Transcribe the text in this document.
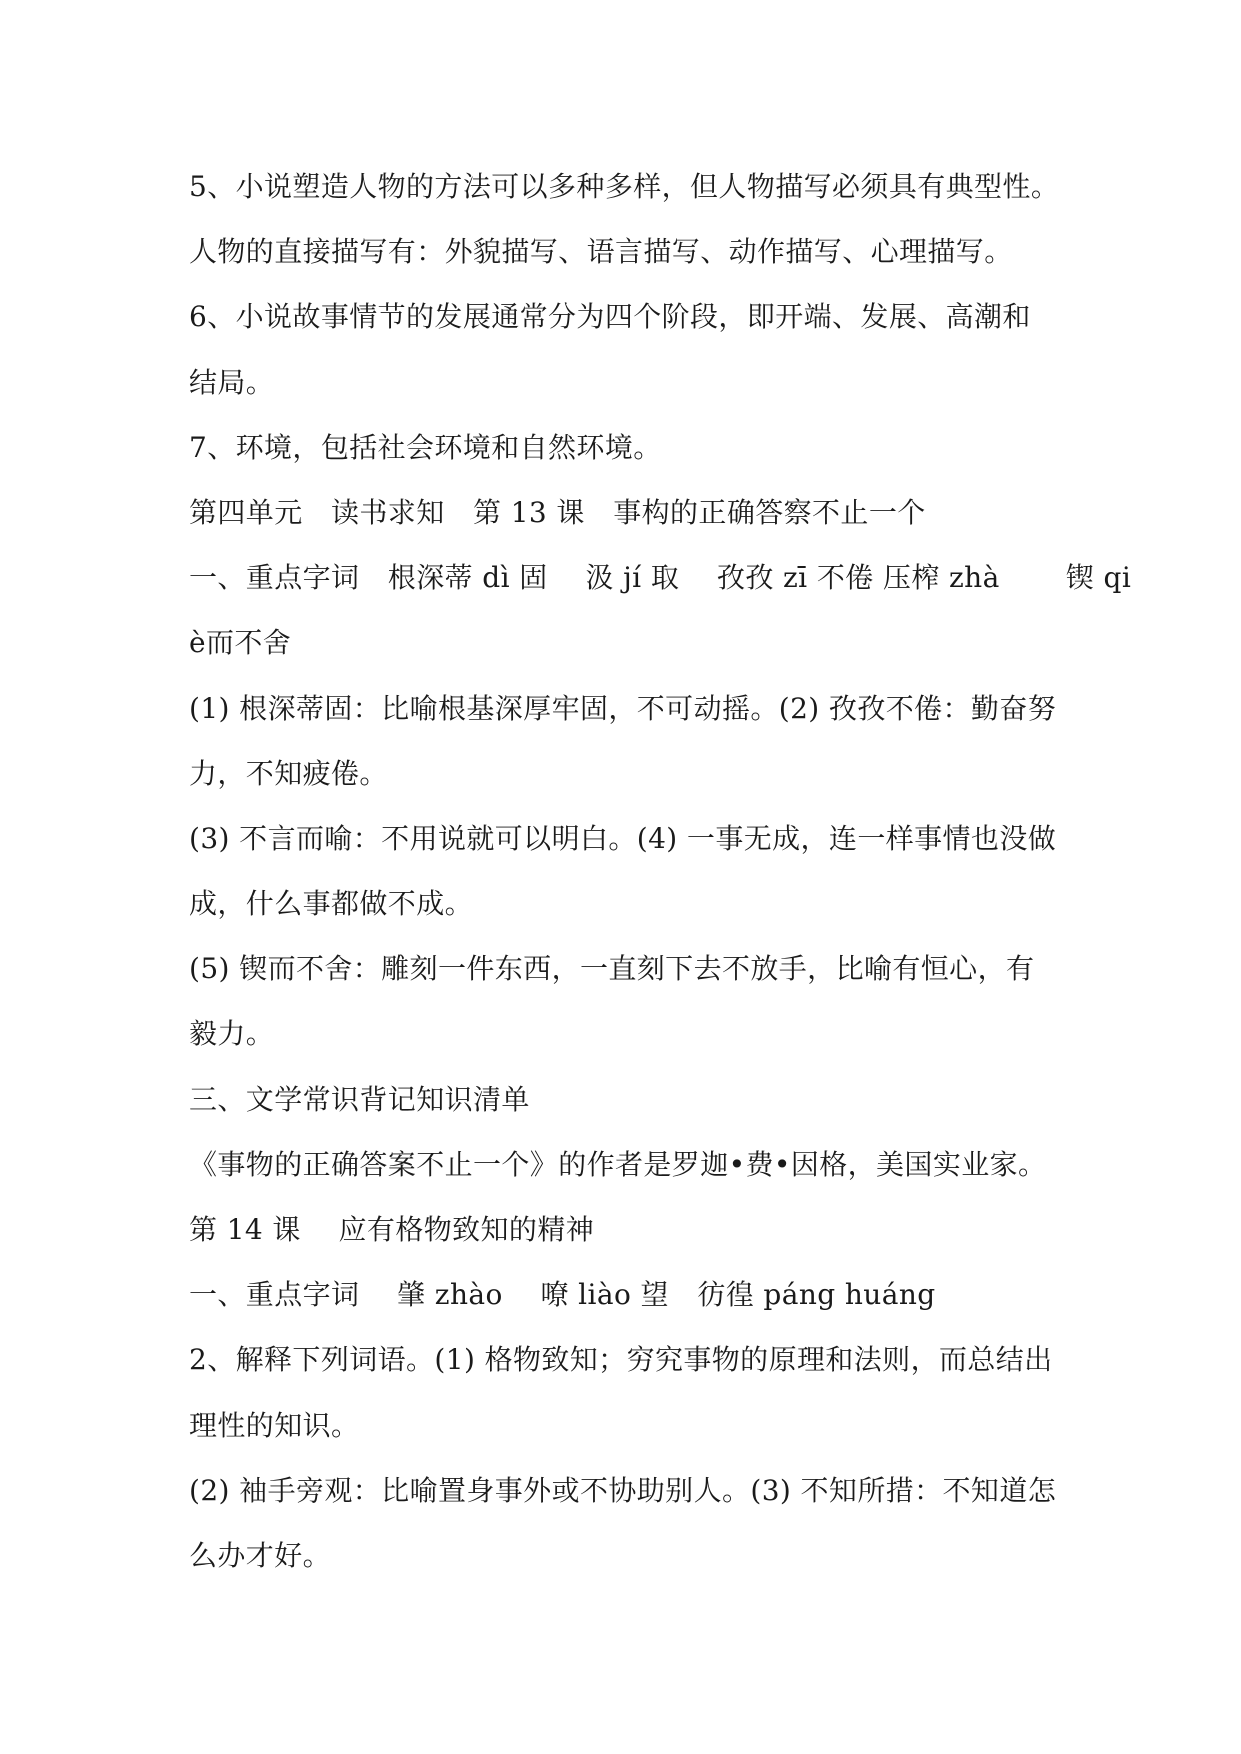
5、小说塑造人物的方法可以多种多样，但人物描写必须具有典型性。
人物的直接描写有：外貌描写、语言描写、动作描写、心理描写。
6、小说故事情节的发展通常分为四个阶段，即开端、发展、高潮和
结局。
7、环境，包括社会环境和自然环境。
第四单元　读书求知　第 13 课　事构的正确答察不止一个
一、重点字词　根深蒂 dì 固　 汲 jí 取　 孜孜 zī 不倦 压榨 zhà　　 锲 qi
è而不舍
(1) 根深蒂固：比喻根基深厚牢固，不可动摇。(2) 孜孜不倦：勤奋努
力，不知疲倦。
(3) 不言而喻：不用说就可以明白。(4) 一事无成，连一样事情也没做
成，什么事都做不成。
(5) 锲而不舍：雕刻一件东西，一直刻下去不放手，比喻有恒心，有
毅力。
三、文学常识背记知识清单
《事物的正确答案不止一个》的作者是罗迦•费•因格，美国实业家。
第 14 课　 应有格物致知的精神
一、重点字词　 肇 zhào　 嘹 liào 望　彷徨 páng huáng
2、解释下列词语。(1) 格物致知；穷究事物的原理和法则，而总结出
理性的知识。
(2) 袖手旁观：比喻置身事外或不协助别人。(3) 不知所措：不知道怎
么办才好。
